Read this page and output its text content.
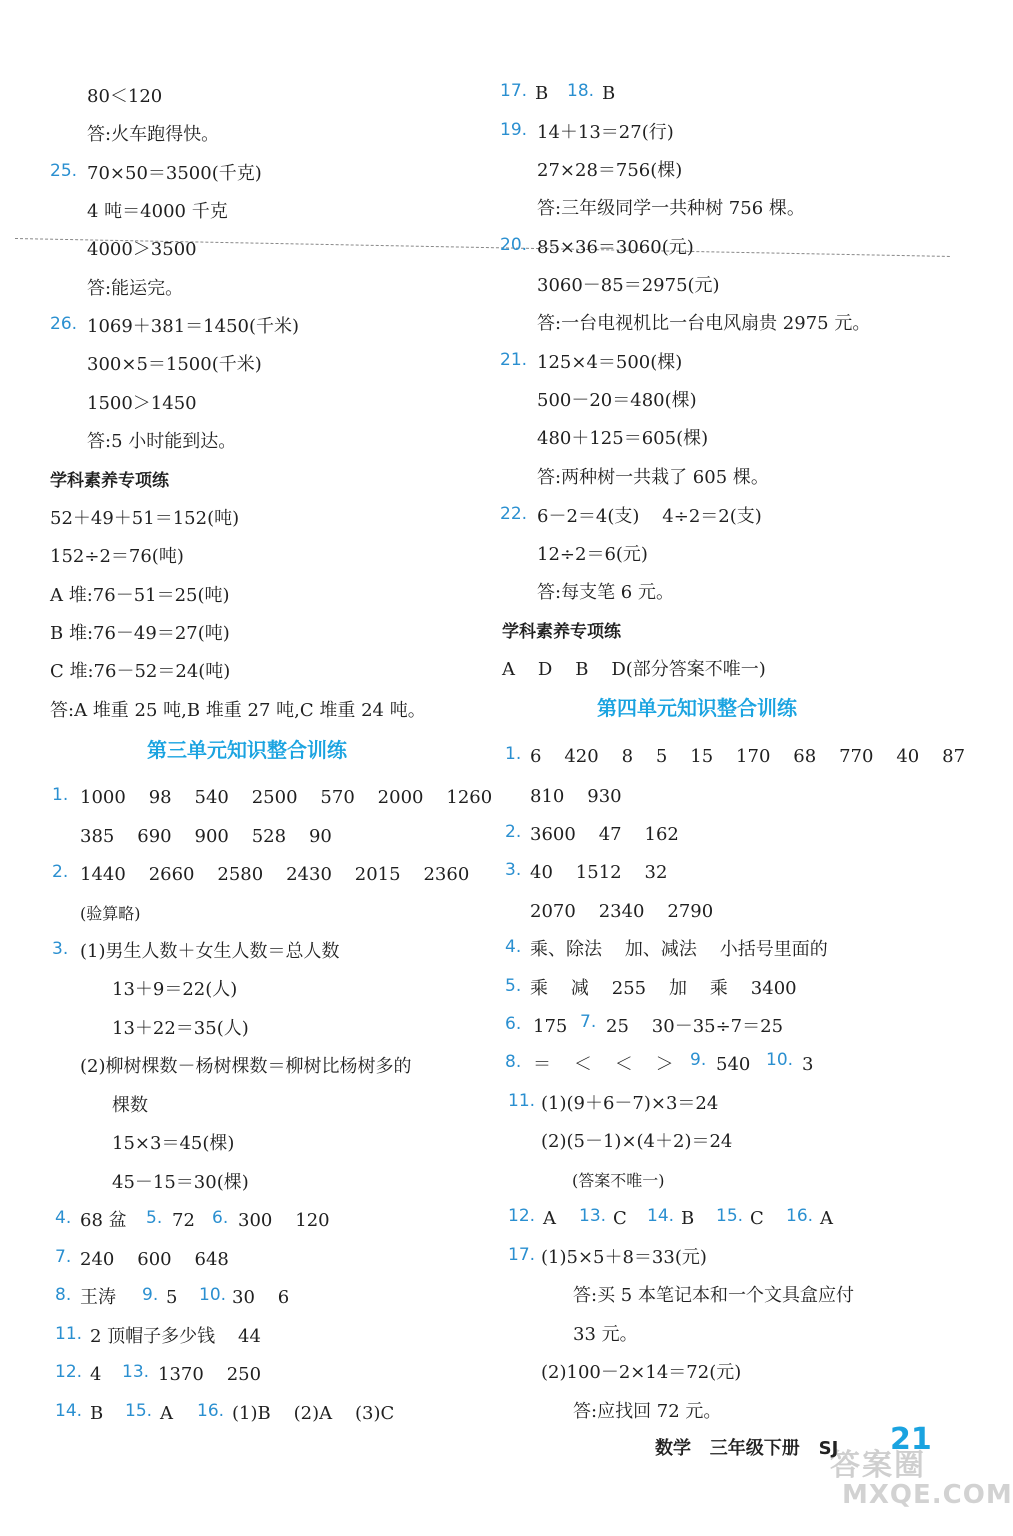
80＜120
答:火车跑得快。
25. 70×50＝3500(千克)
4 吨＝4000 千克
4000＞3500
答:能运完。
26. 1069＋381＝1450(千米)
300×5＝1500(千米)
1500＞1450
答:5 小时能到达。
学科素养专项练
52＋49＋51＝152(吨)
152÷2＝76(吨)
A 堆:76－51＝25(吨)
B 堆:76－49＝27(吨)
C 堆:76－52＝24(吨)
答:A 堆重 25 吨,B 堆重 27 吨,C 堆重 24 吨。
第三单元知识整合训练
1. 1000    98    540    2500    570    2000    1260
385    690    900    528    90
2. 1440    2660    2580    2430    2015    2360
(验算略)
3. (1)男生人数＋女生人数＝总人数
13＋9＝22(人)
13＋22＝35(人)
(2)柳树棵数－杨树棵数＝柳树比杨树多的
棵数
15×3＝45(棵)
45－15＝30(棵)
4. 68 盆 5. 72 6. 300    120
7. 240    600    648
8. 王涛 9. 5 10. 30    6
11. 2 顶帽子多少钱    44
12. 4 13. 1370    250
14. B 15. A 16. (1)B    (2)A    (3)C
17. B 18. B
19. 14＋13＝27(行)
27×28＝756(棵)
答:三年级同学一共种树 756 棵。
20. 85×36＝3060(元)
3060－85＝2975(元)
答:一台电视机比一台电风扇贵 2975 元。
21. 125×4＝500(棵)
500－20＝480(棵)
480＋125＝605(棵)
答:两种树一共栽了 605 棵。
22. 6－2＝4(支)    4÷2＝2(支)
12÷2＝6(元)
答:每支笔 6 元。
学科素养专项练
A    D    B    D(部分答案不唯一)
第四单元知识整合训练
1. 6    420    8    5    15    170    68    770    40    87
810    930
2. 3600    47    162
3. 40    1512    32
2070    2340    2790
4. 乘、除法    加、减法    小括号里面的
5. 乘    减    255    加    乘    3400
6. 175 7. 25    30－35÷7＝25
8. ＝    ＜    ＜    ＞ 9. 540 10. 3
11. (1)(9＋6－7)×3＝24
(2)(5－1)×(4＋2)＝24
(答案不唯一)
12. A 13. C 14. B 15. C 16. A
17. (1)5×5＋8＝33(元)
答:买 5 本笔记本和一个文具盒应付
33 元。
(2)100－2×14＝72(元)
答:应找回 72 元。
答案圈
MXQE.COM
数学   三年级下册   SJ 21
